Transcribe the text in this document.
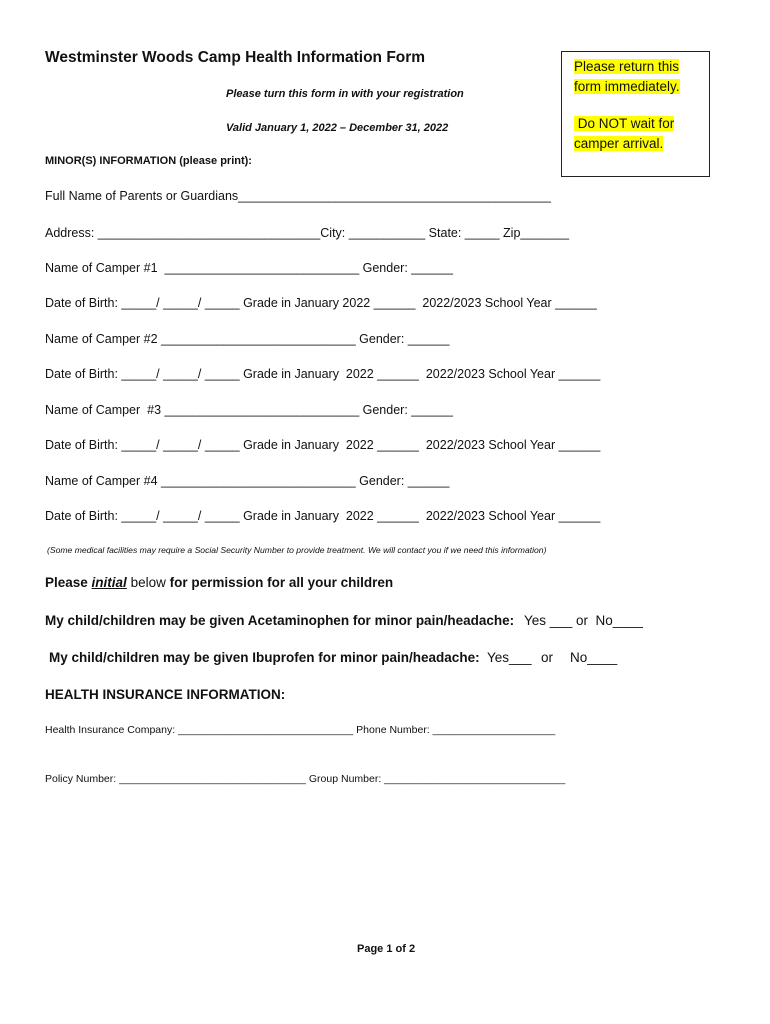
Westminster Woods Camp Health Information Form
Please return this
form immediately.
Do NOT wait for
camper arrival.
Please turn this form in with your registration
Valid January 1, 2022 – December 31, 2022
MINOR(S) INFORMATION (please print):
Full Name of Parents or Guardians_____________________________________________
Address: ________________________________City: ___________ State: _____ Zip_______
Name of Camper #1  ____________________________ Gender: ______
Date of Birth: _____/ _____/ _____ Grade in January 2022 ______  2022/2023 School Year ______
Name of Camper #2 ____________________________ Gender: ______
Date of Birth: _____/ _____/ _____ Grade in January  2022 ______  2022/2023 School Year ______
Name of Camper  #3 ____________________________ Gender: ______
Date of Birth: _____/ _____/ _____ Grade in January  2022 ______  2022/2023 School Year ______
Name of Camper #4 ____________________________ Gender: ______
Date of Birth: _____/ _____/ _____ Grade in January  2022 ______  2022/2023 School Year ______
(Some medical facilities may require a Social Security Number to provide treatment. We will contact you if we need this information)
Please initial below for permission for all your children
My child/children may be given Acetaminophen for minor pain/headache: Yes ___ or  No____
My child/children may be given Ibuprofen for minor pain/headache: Yes___ or No____
HEALTH INSURANCE INFORMATION:
Health Insurance Company: ______________________________ Phone Number: _____________________
Policy Number: ________________________________ Group Number: _______________________________
Page 1 of 2
